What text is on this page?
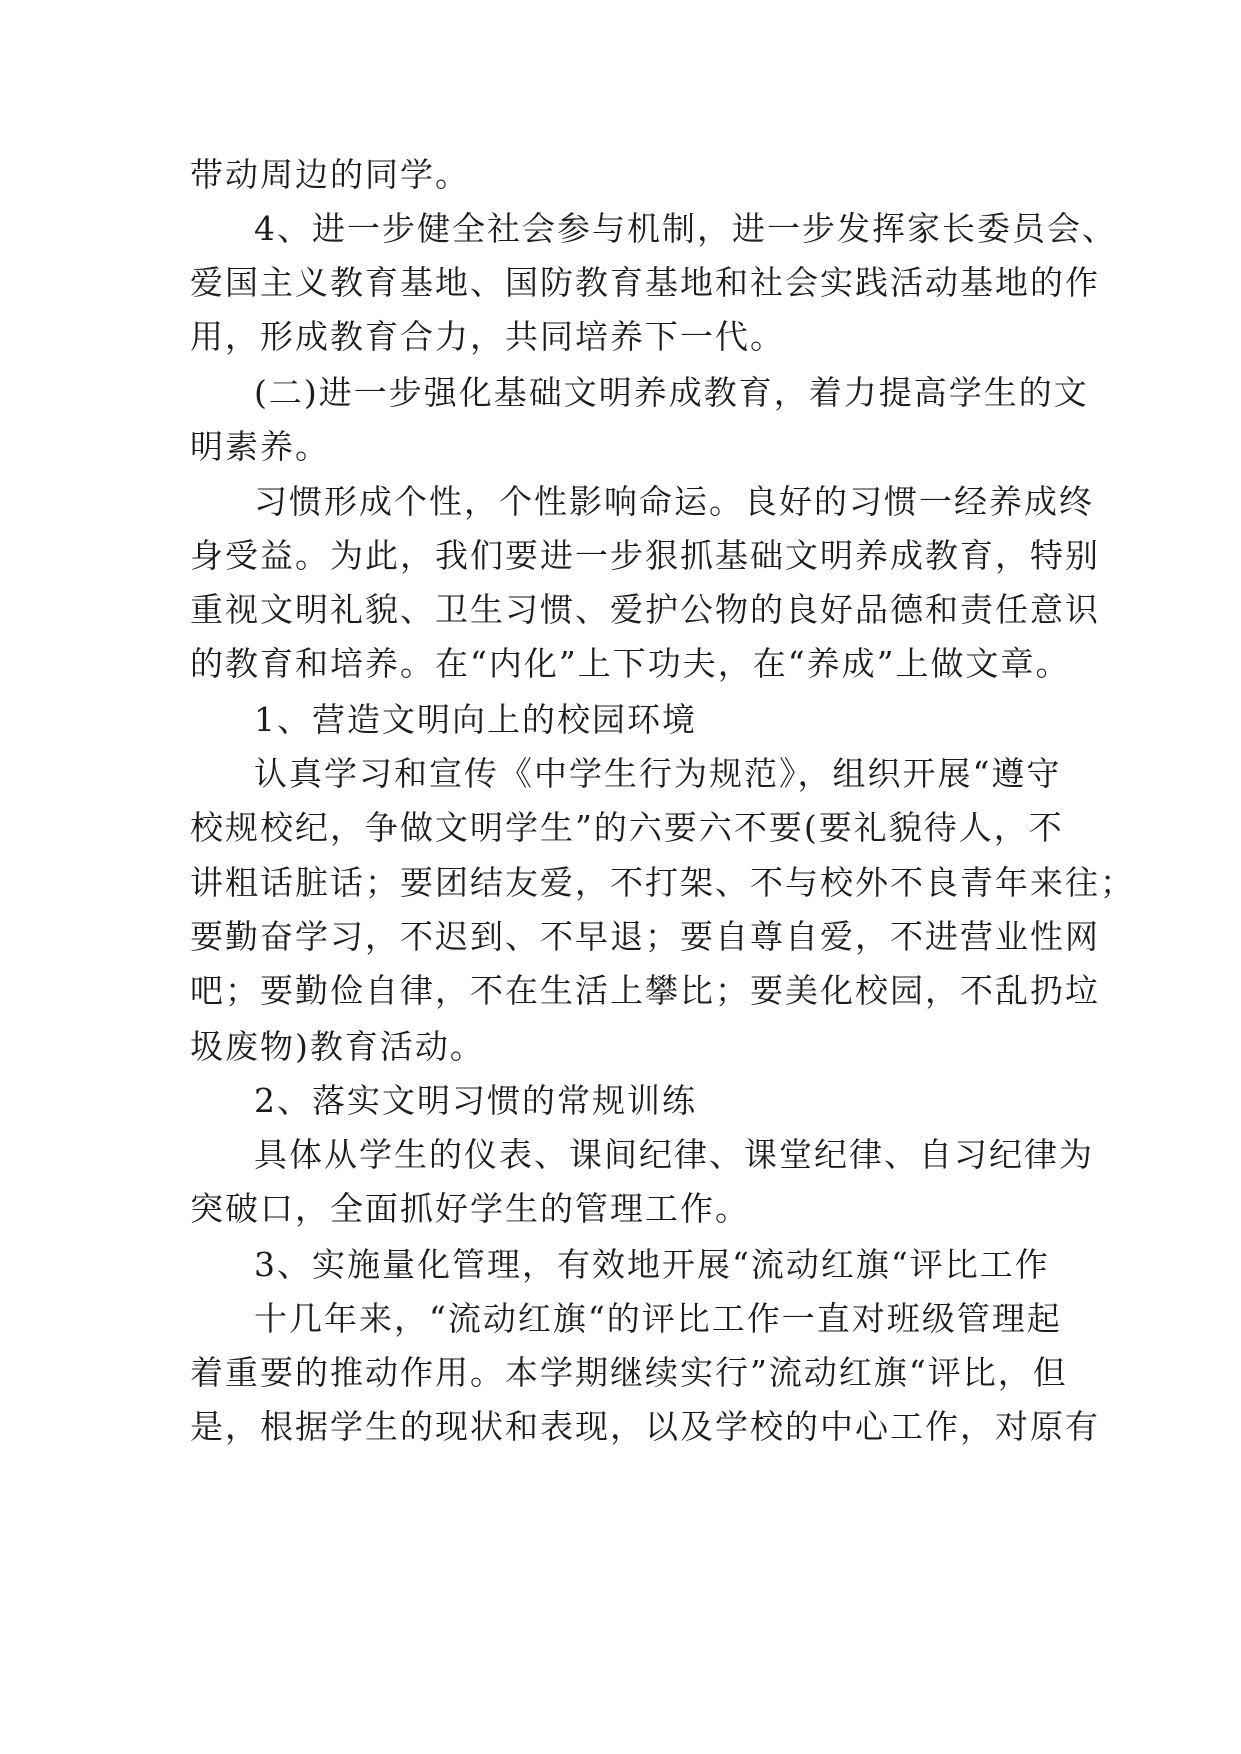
带动周边的同学。
4、进一步健全社会参与机制，进一步发挥家长委员会、
爱国主义教育基地、国防教育基地和社会实践活动基地的作
用，形成教育合力，共同培养下一代。
(二)进一步强化基础文明养成教育，着力提高学生的文
明素养。
习惯形成个性，个性影响命运。良好的习惯一经养成终
身受益。为此，我们要进一步狠抓基础文明养成教育，特别
重视文明礼貌、卫生习惯、爱护公物的良好品德和责任意识
的教育和培养。在“内化”上下功夫，在“养成”上做文章。
1、营造文明向上的校园环境
认真学习和宣传《中学生行为规范》，组织开展“遵守
校规校纪，争做文明学生”的六要六不要(要礼貌待人，不
讲粗话脏话；要团结友爱，不打架、不与校外不良青年来往；
要勤奋学习，不迟到、不早退；要自尊自爱，不进营业性网
吧；要勤俭自律，不在生活上攀比；要美化校园，不乱扔垃
圾废物)教育活动。
2、落实文明习惯的常规训练
具体从学生的仪表、课间纪律、课堂纪律、自习纪律为
突破口，全面抓好学生的管理工作。
3、实施量化管理，有效地开展“流动红旗“评比工作
十几年来，“流动红旗“的评比工作一直对班级管理起
着重要的推动作用。本学期继续实行”流动红旗“评比，但
是，根据学生的现状和表现，以及学校的中心工作，对原有
